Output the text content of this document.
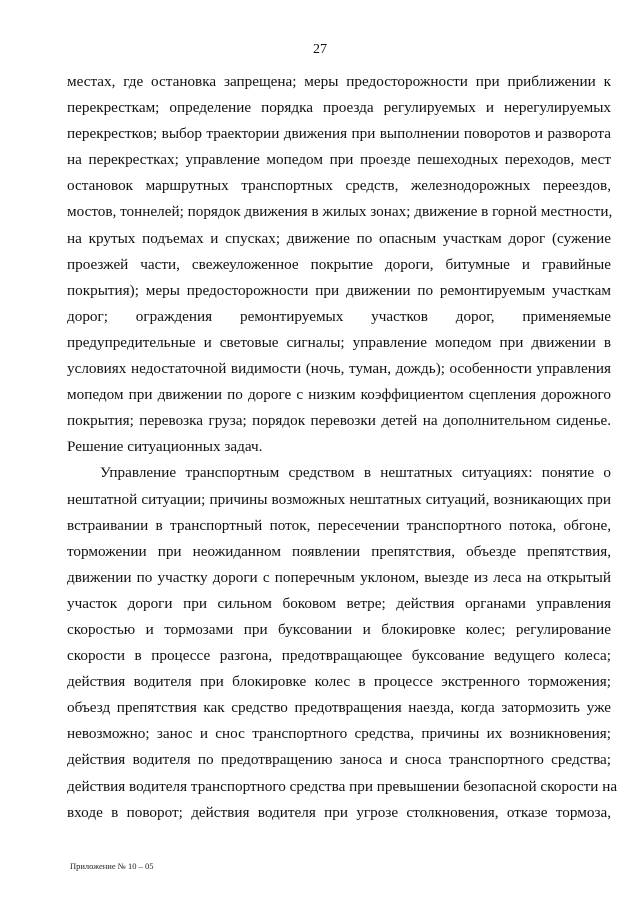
27
местах, где остановка запрещена; меры предосторожности при приближении к
перекресткам; определение порядка проезда регулируемых и нерегулируемых
перекрестков; выбор траектории движения при выполнении поворотов и разворота
на перекрестках; управление мопедом при проезде пешеходных переходов, мест
остановок маршрутных транспортных средств, железнодорожных переездов,
мостов, тоннелей; порядок движения в жилых зонах; движение в горной местности,
на крутых подъемах и спусках; движение по опасным участкам дорог (сужение
проезжей части, свежеуложенное покрытие дороги, битумные и гравийные
покрытия); меры предосторожности при движении по ремонтируемым участкам
дорог; ограждения ремонтируемых участков дорог, применяемые
предупредительные и световые сигналы; управление мопедом при движении в
условиях недостаточной видимости (ночь, туман, дождь); особенности управления
мопедом при движении по дороге с низким коэффициентом сцепления дорожного
покрытия; перевозка груза; порядок перевозки детей на дополнительном сиденье.
Решение ситуационных задач.
Управление транспортным средством в нештатных ситуациях: понятие о
нештатной ситуации; причины возможных нештатных ситуаций, возникающих при
встраивании в транспортный поток, пересечении транспортного потока, обгоне,
торможении при неожиданном появлении препятствия, объезде препятствия,
движении по участку дороги с поперечным уклоном, выезде из леса на открытый
участок дороги при сильном боковом ветре; действия органами управления
скоростью и тормозами при буксовании и блокировке колес; регулирование
скорости в процессе разгона, предотвращающее буксование ведущего колеса;
действия водителя при блокировке колес в процессе экстренного торможения;
объезд препятствия как средство предотвращения наезда, когда затормозить уже
невозможно; занос и снос транспортного средства, причины их возникновения;
действия водителя по предотвращению заноса и сноса транспортного средства;
действия водителя транспортного средства при превышении безопасной скорости на
входе в поворот; действия водителя при угрозе столкновения, отказе тормоза,
Приложение № 10 – 05
